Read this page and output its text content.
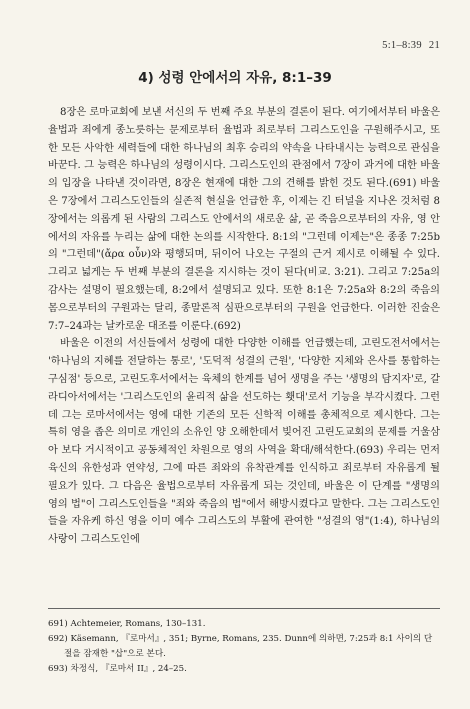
5:1–8:39 21
4) 성령 안에서의 자유, 8:1–39

8장은 로마교회에 보낸 서신의 두 번째 주요 부분의 결론이 된다. 여기에서부터 바울은 율법과 죄에게 종노릇하는 문제로부터 율법과 죄로부터 그리스도인을 구원해주시고, 또한 모든 사악한 세력들에 대한 하나님의 최후 승리의 약속을 나타내시는 능력으로 관심을 바꾼다. 그 능력은 하나님의 성령이시다. 그리스도인의 관점에서 7장이 과거에 대한 바울의 입장을 나타낸 것이라면, 8장은 현재에 대한 그의 견해를 밝힌 것도 된다.(691) 바울은 7장에서 그리스도인들의 실존적 현실을 언급한 후, 이제는 긴 터널을 지나온 것처럼 8장에서는 의롭게 된 사람의 그리스도 안에서의 새로운 삶, 곧 죽음으로부터의 자유, 영 안에서의 자유를 누리는 삶에 대한 논의를 시작한다. 8:1의 "그런데 이제는"은 종종 7:25b의 "그런데"(ἄρα οὖν)와 평행되며, 뒤이어 나오는 구절의 근거 제시로 이해될 수 있다. 그리고 넓게는 두 번째 부분의 결론을 지시하는 것이 된다(비교. 3:21). 그리고 7:25a의 감사는 설명이 필요했는데, 8:2에서 설명되고 있다. 또한 8:1은 7:25a와 8:2의 죽음의 몸으로부터의 구원과는 달리, 종말론적 심판으로부터의 구원을 언급한다. 이러한 진술은 7:7–24과는 날카로운 대조를 이룬다.(692)

바울은 이전의 서신들에서 성령에 대한 다양한 이해를 언급했는데, 고린도전서에서는 '하나님의 지혜를 전달하는 통로', '도덕적 성결의 근원', '다양한 지체와 은사를 통합하는 구심점' 등으로, 고린도후서에서는 육체의 한계를 넘어 생명을 주는 '생명의 담지자'로, 갈라디아서에서는 '그리스도인의 윤리적 삶을 선도하는 횃대'로서 기능을 부각시켰다. 그런데 그는 로마서에서는 영에 대한 기존의 모든 신학적 이해를 총체적으로 제시한다. 그는 특히 영을 좁은 의미로 개인의 소유인 양 오해한데서 빚어진 고린도교회의 문제를 거울삼아 보다 거시적이고 공동체적인 차원으로 영의 사역을 확대/해석한다.(693) 우리는 먼저 육신의 유한성과 연약성, 그에 따른 죄와의 유착관계를 인식하고 죄로부터 자유롭게 될 필요가 있다. 그 다음은 율법으로부터 자유롭게 되는 것인데, 바울은 이 단계를 "생명의 영의 법"이 그리스도인들을 "죄와 죽음의 법"에서 해방시켰다고 말한다. 그는 그리스도인들을 자유케 하신 영을 이미 예수 그리스도의 부활에 관여한 "성결의 영"(1:4), 하나님의 사랑이 그리스도인에

691) Achtemeier, Romans, 130–131.
692) Käsemann, 『로마서』, 351; Byrne, Romans, 235. Dunn에 의하면, 7:25과 8:1 사이의 단
절을 잠재한 "삽"으로 본다.
693) 차정식, 『로마서 II』, 24–25.
